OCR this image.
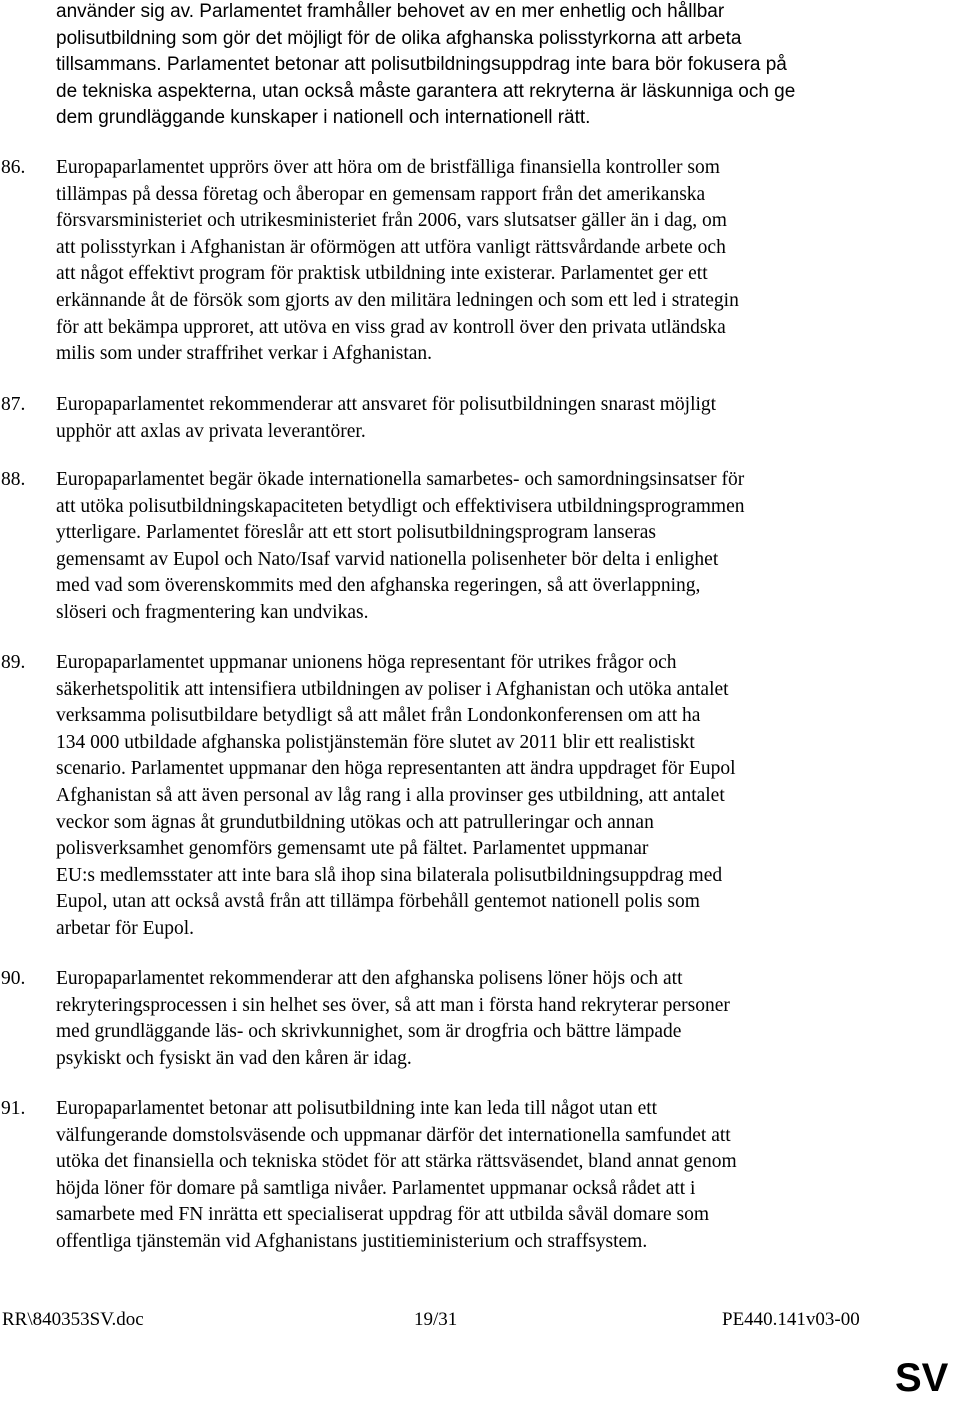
använder sig av. Parlamentet framhåller behovet av en mer enhetlig och hållbar
polisutbildning som gör det möjligt för de olika afghanska polisstyrkorna att arbeta
tillsammans. Parlamentet betonar att polisutbildningsuppdrag inte bara bör fokusera på
de tekniska aspekterna, utan också måste garantera att rekryterna är läskunniga och ge
dem grundläggande kunskaper i nationell och internationell rätt.
86.	Europaparlamentet upprörs över att höra om de bristfälliga finansiella kontroller som
tillämpas på dessa företag och åberopar en gemensam rapport från det amerikanska
försvarsministeriet och utrikesministeriet från 2006, vars slutsatser gäller än i dag, om
att polisstyrkan i Afghanistan är oförmögen att utföra vanligt rättsvårdande arbete och
att något effektivt program för praktisk utbildning inte existerar. Parlamentet ger ett
erkännande åt de försök som gjorts av den militära ledningen och som ett led i strategin
för att bekämpa upproret, att utöva en viss grad av kontroll över den privata utländska
milis som under straffrihet verkar i Afghanistan.
87.	Europaparlamentet rekommenderar att ansvaret för polisutbildningen snarast möjligt
upphör att axlas av privata leverantörer.
88.	Europaparlamentet begär ökade internationella samarbetes- och samordningsinsatser för
att utöka polisutbildningskapaciteten betydligt och effektivisera utbildningsprogrammen
ytterligare. Parlamentet föreslår att ett stort polisutbildningsprogram lanseras
gemensamt av Eupol och Nato/Isaf varvid nationella polisenheter bör delta i enlighet
med vad som överenskommits med den afghanska regeringen, så att överlappning,
slöseri och fragmentering kan undvikas.
89.	Europaparlamentet uppmanar unionens höga representant för utrikes frågor och
säkerhetspolitik att intensifiera utbildningen av poliser i Afghanistan och utöka antalet
verksamma polisutbildare betydligt så att målet från Londonkonferensen om att ha
134 000 utbildade afghanska polistjänstemän före slutet av 2011 blir ett realistiskt
scenario. Parlamentet uppmanar den höga representanten att ändra uppdraget för Eupol
Afghanistan så att även personal av låg rang i alla provinser ges utbildning, att antalet
veckor som ägnas åt grundutbildning utökas och att patrulleringar och annan
polisverksamhet genomförs gemensamt ute på fältet. Parlamentet uppmanar
EU:s medlemsstater att inte bara slå ihop sina bilaterala polisutbildningsuppdrag med
Eupol, utan att också avstå från att tillämpa förbehåll gentemot nationell polis som
arbetar för Eupol.
90.	Europaparlamentet rekommenderar att den afghanska polisens löner höjs och att
rekryteringsprocessen i sin helhet ses över, så att man i första hand rekryterar personer
med grundläggande läs- och skrivkunnighet, som är drogfria och bättre lämpade
psykiskt och fysiskt än vad den kåren är idag.
91.	Europaparlamentet betonar att polisutbildning inte kan leda till något utan ett
välfungerande domstolsväsende och uppmanar därför det internationella samfundet att
utöka det finansiella och tekniska stödet för att stärka rättsväsendet, bland annat genom
höjda löner för domare på samtliga nivåer. Parlamentet uppmanar också rådet att i
samarbete med FN inrätta ett specialiserat uppdrag för att utbilda såväl domare som
offentliga tjänstemän vid Afghanistans justitieministerium och straffsystem.
RR\840353SV.doc	19/31	PE440.141v03-00
SV
